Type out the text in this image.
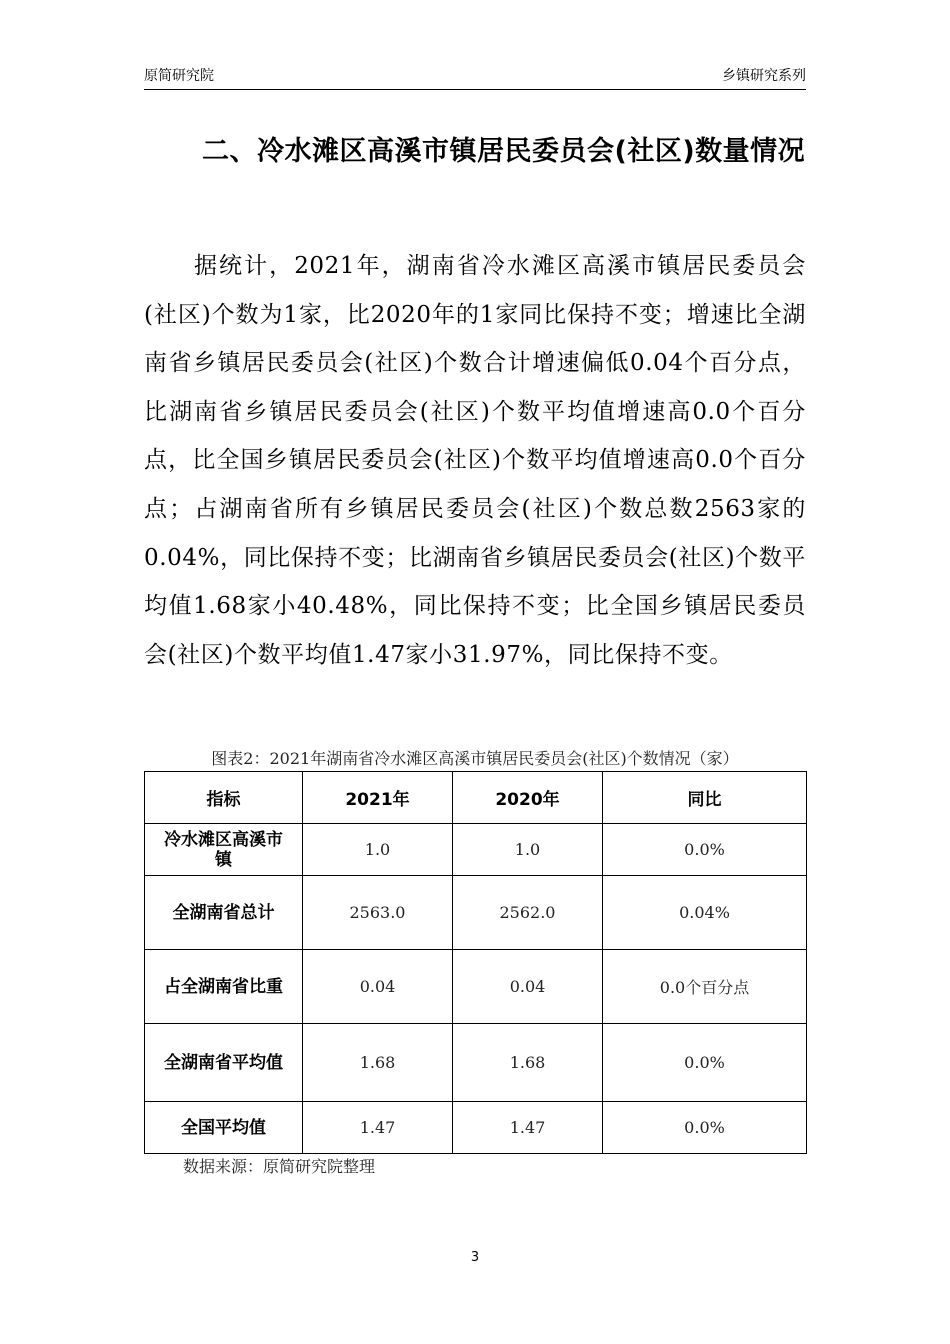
原简研究院	乡镇研究系列
二、冷水滩区高溪市镇居民委员会(社区)数量情况

据统计，2021年，湖南省冷水滩区高溪市镇居民委员会(社区)个数为1家，比2020年的1家同比保持不变；增速比全湖南省乡镇居民委员会(社区)个数合计增速偏低0.04个百分点，比湖南省乡镇居民委员会(社区)个数平均值增速高0.0个百分点，比全国乡镇居民委员会(社区)个数平均值增速高0.0个百分点；占湖南省所有乡镇居民委员会(社区)个数总数2563家的0.04%，同比保持不变；比湖南省乡镇居民委员会(社区)个数平均值1.68家小40.48%，同比保持不变；比全国乡镇居民委员会(社区)个数平均值1.47家小31.97%，同比保持不变。

图表2：2021年湖南省冷水滩区高溪市镇居民委员会(社区)个数情况（家）
指标	2021年	2020年	同比
冷水滩区高溪市镇	1.0	1.0	0.0%
全湖南省总计	2563.0	2562.0	0.04%
占全湖南省比重	0.04	0.04	0.0个百分点
全湖南省平均值	1.68	1.68	0.0%
全国平均值	1.47	1.47	0.0%
数据来源：原简研究院整理
3
